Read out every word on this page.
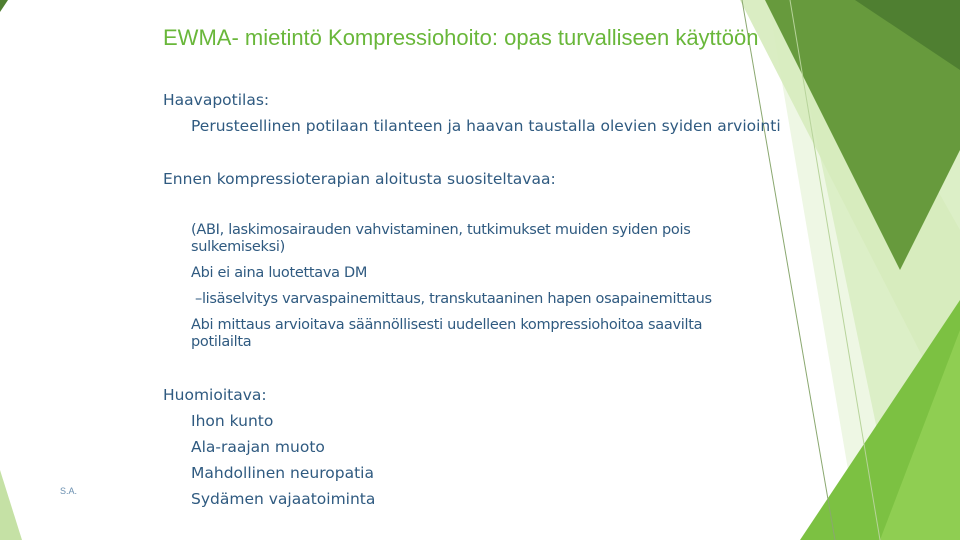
EWMA- mietintö Kompressiohoito: opas turvalliseen käyttöön
Haavapotilas:
Perusteellinen potilaan tilanteen ja haavan taustalla olevien syiden arviointi
Ennen kompressioterapian aloitusta suositeltavaa:
(ABI, laskimosairauden vahvistaminen, tutkimukset muiden syiden pois
sulkemiseksi)
Abi ei aina luotettava DM
–lisäselvitys varvaspainemittaus, transkutaaninen hapen osapainemittaus
Abi mittaus arvioitava säännöllisesti uudelleen kompressiohoitoa saavilta
potilailta
Huomioitava:
Ihon kunto
Ala-raajan muoto
Mahdollinen neuropatia
Sydämen vajaatoiminta
S.A.
